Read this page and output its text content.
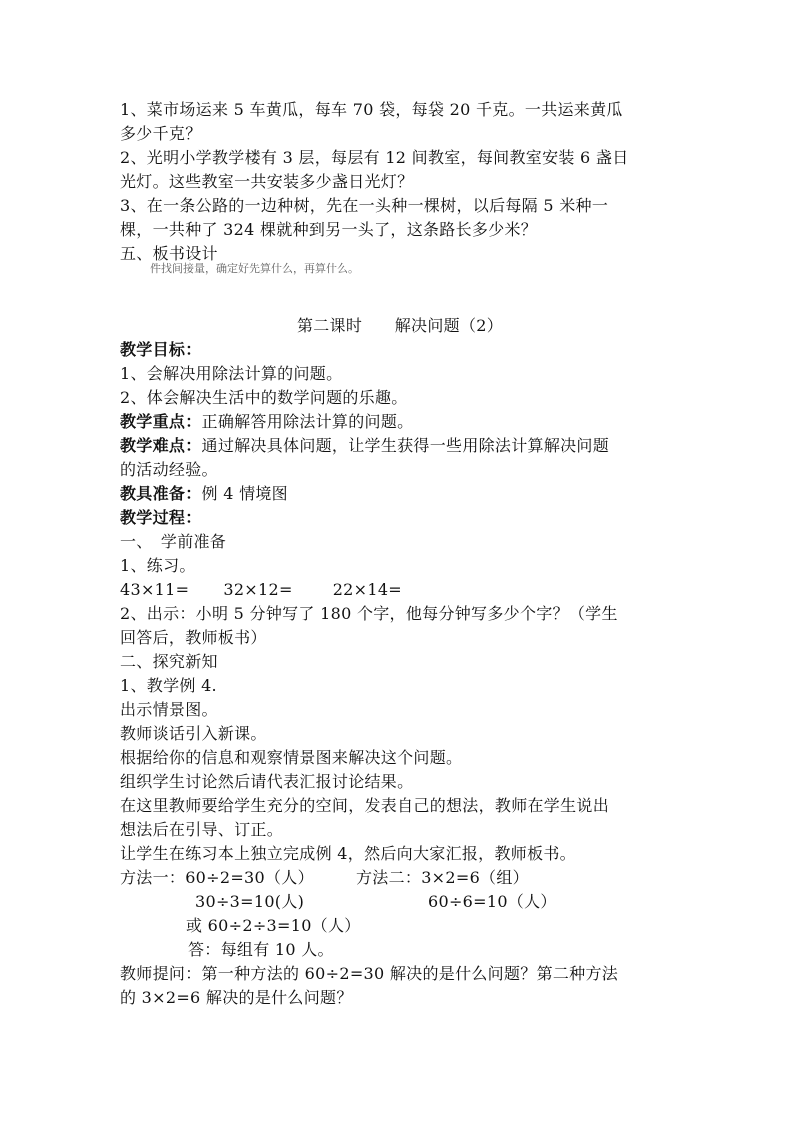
1、菜市场运来 5 车黄瓜，每车 70 袋，每袋 20 千克。一共运来黄瓜
多少千克？
2、光明小学教学楼有 3 层，每层有 12 间教室，每间教室安装 6 盏日
光灯。这些教室一共安装多少盏日光灯？
3、在一条公路的一边种树，先在一头种一棵树，以后每隔 5 米种一
棵，一共种了 324 棵就种到另一头了，这条路长多少米？
五、板书设计
件找间接量，确定好先算什么，再算什么。
第二课时　　解决问题（2）
教学目标：
1、会解决用除法计算的问题。
2、体会解决生活中的数学问题的乐趣。
教学重点：正确解答用除法计算的问题。
教学难点：通过解决具体问题，让学生获得一些用除法计算解决问题
的活动经验。
教具准备：例 4 情境图
教学过程：
一、　学前准备
1、练习。
43×11= 32×12=	22×14=
2、出示：小明 5 分钟写了 180 个字，他每分钟写多少个字？（学生
回答后，教师板书）
二、探究新知
1、教学例 4.
出示情景图。
教师谈话引入新课。
根据给你的信息和观察情景图来解决这个问题。
组织学生讨论然后请代表汇报讨论结果。
在这里教师要给学生充分的空间，发表自己的想法，教师在学生说出
想法后在引导、订正。
让学生在练习本上独立完成例 4，然后向大家汇报，教师板书。
方法一：60÷2=30（人）	方法二：3×2=6（组）
30÷3=10(人)	60÷6=10（人）
或 60÷2÷3=10（人）
答：每组有 10 人。
教师提问：第一种方法的 60÷2=30 解决的是什么问题？第二种方法
的 3×2=6 解决的是什么问题？
